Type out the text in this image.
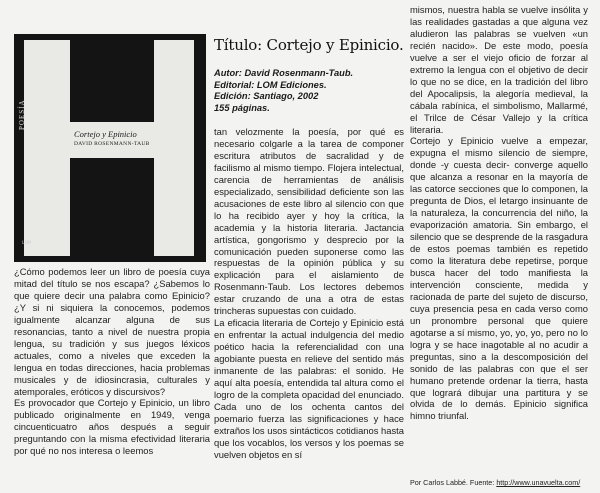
POESÍA
Cortejo y Epinicio
DAVID ROSENMANN-TAUB
LOM
Título: Cortejo y Epinicio.
Autor: David Rosenmann-Taub.
Editorial: LOM Ediciones.
Edición: Santiago, 2002
155 páginas.

¿Cómo podemos leer un libro de poesía cuya mitad del título se nos escapa? ¿Sabemos lo que quiere decir una palabra como Epinicio? ¿Y si ni siquiera la conocemos, podemos igualmente alcanzar alguna de sus resonancias, tanto a nivel de nuestra propia lengua, su tradición y sus juegos léxicos actuales, como a niveles que exceden la lengua en todas direcciones, hacia problemas musicales y de idiosincrasia, culturales y atemporales, eróticos y discursivos?

Es provocador que Cortejo y Epinicio, un libro publicado originalmente en 1949, venga cincuenticuatro años después a seguir preguntando con la misma efectividad literaria por qué no nos interesa o leemos

tan velozmente la poesía, por qué es necesario colgarle a la tarea de componer escritura atributos de sacralidad y de facilismo al mismo tiempo. Flojera intelectual, carencia de herramientas de análisis especializado, sensibilidad deficiente son las acusaciones de este libro al silencio con que lo ha recibido ayer y hoy la crítica, la academia y la historia literaria. Jactancia artística, gongorismo y desprecio por la comunicación pueden suponerse como las respuestas de la opinión pública y su explicación para el aislamiento de Rosenmann-Taub. Los lectores debemos estar cruzando de una a otra de estas trincheras supuestas con cuidado.

La eficacia literaria de Cortejo y Epinicio está en enfrentar la actual indulgencia del medio poético hacia la referencialidad con una agobiante puesta en relieve del sentido más inmanente de las palabras: el sonido. He aquí alta poesía, entendida tal altura como el logro de la completa opacidad del enunciado. Cada uno de los ochenta cantos del poemario fuerza las significaciones y hace extraños los usos sintácticos cotidianos hasta que los vocablos, los versos y los poemas se vuelven objetos en sí

mismos, nuestra habla se vuelve insólita y las realidades gastadas a que alguna vez aludieron las palabras se vuelven «un recién nacido». De este modo, poesía vuelve a ser el viejo oficio de forzar al extremo la lengua con el objetivo de decir lo que no se dice, en la tradición del libro del Apocalipsis, la alegoría medieval, la cábala rabínica, el simbolismo, Mallarmé, el Trilce de César Vallejo y la crítica literaria.

Cortejo y Epinicio vuelve a empezar, expugna el mismo silencio de siempre, donde -y cuesta decir- converge aquello que alcanza a resonar en la mayoría de las catorce secciones que lo componen, la pregunta de Dios, el letargo insinuante de la naturaleza, la concurrencia del niño, la evaporización amatoria. Sin embargo, el silencio que se desprende de la rasgadura de estos poemas también es repetido como la literatura debe repetirse, porque busca hacer del todo manifiesta la intervención consciente, medida y racionada de parte del sujeto de discurso, cuya presencia pesa en cada verso como un pronombre personal que quiere agotarse a sí mismo, yo, yo, yo, pero no lo logra y se hace inagotable al no acudir a preguntas, sino a la descomposición del sonido de las palabras con que el ser humano pretende ordenar la tierra, hasta que logrará dibujar una partitura y se olvida de lo demás. Epinicio significa himno triunfal.

Por Carlos Labbé. Fuente: http://www.unavuelta.com/
